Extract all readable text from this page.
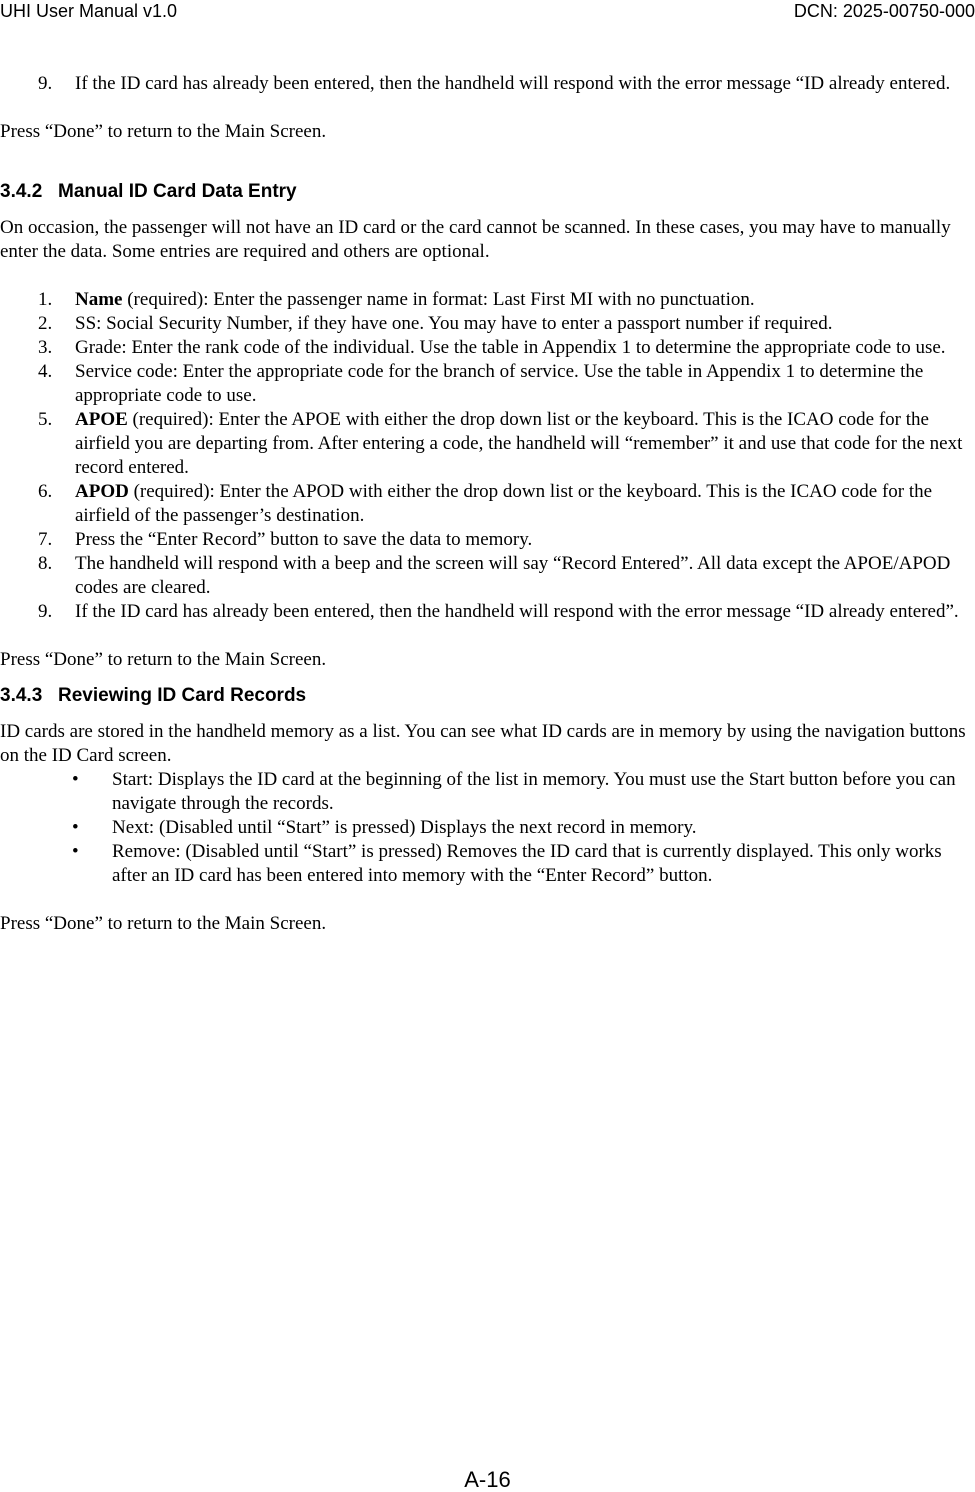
UHI User Manual v1.0	DCN: 2025-00750-000
9. If the ID card has already been entered, then the handheld will respond with the error message “ID already entered.

Press “Done” to return to the Main Screen.

3.4.2 Manual ID Card Data Entry

On occasion, the passenger will not have an ID card or the card cannot be scanned. In these cases, you may have to manually enter the data. Some entries are required and others are optional.

1. Name (required): Enter the passenger name in format: Last First MI with no punctuation.
2. SS: Social Security Number, if they have one. You may have to enter a passport number if required.
3. Grade: Enter the rank code of the individual. Use the table in Appendix 1 to determine the appropriate code to use.
4. Service code: Enter the appropriate code for the branch of service. Use the table in Appendix 1 to determine the appropriate code to use.
5. APOE (required): Enter the APOE with either the drop down list or the keyboard. This is the ICAO code for the airfield you are departing from. After entering a code, the handheld will “remember” it and use that code for the next record entered.
6. APOD (required): Enter the APOD with either the drop down list or the keyboard. This is the ICAO code for the airfield of the passenger’s destination.
7. Press the “Enter Record” button to save the data to memory.
8. The handheld will respond with a beep and the screen will say “Record Entered”. All data except the APOE/APOD codes are cleared.
9. If the ID card has already been entered, then the handheld will respond with the error message “ID already entered”.

Press “Done” to return to the Main Screen.

3.4.3 Reviewing ID Card Records

ID cards are stored in the handheld memory as a list. You can see what ID cards are in memory by using the navigation buttons on the ID Card screen.

• Start: Displays the ID card at the beginning of the list in memory. You must use the Start button before you can navigate through the records.
• Next: (Disabled until “Start” is pressed) Displays the next record in memory.
• Remove: (Disabled until “Start” is pressed) Removes the ID card that is currently displayed. This only works after an ID card has been entered into memory with the “Enter Record” button.

Press “Done” to return to the Main Screen.

A-16
